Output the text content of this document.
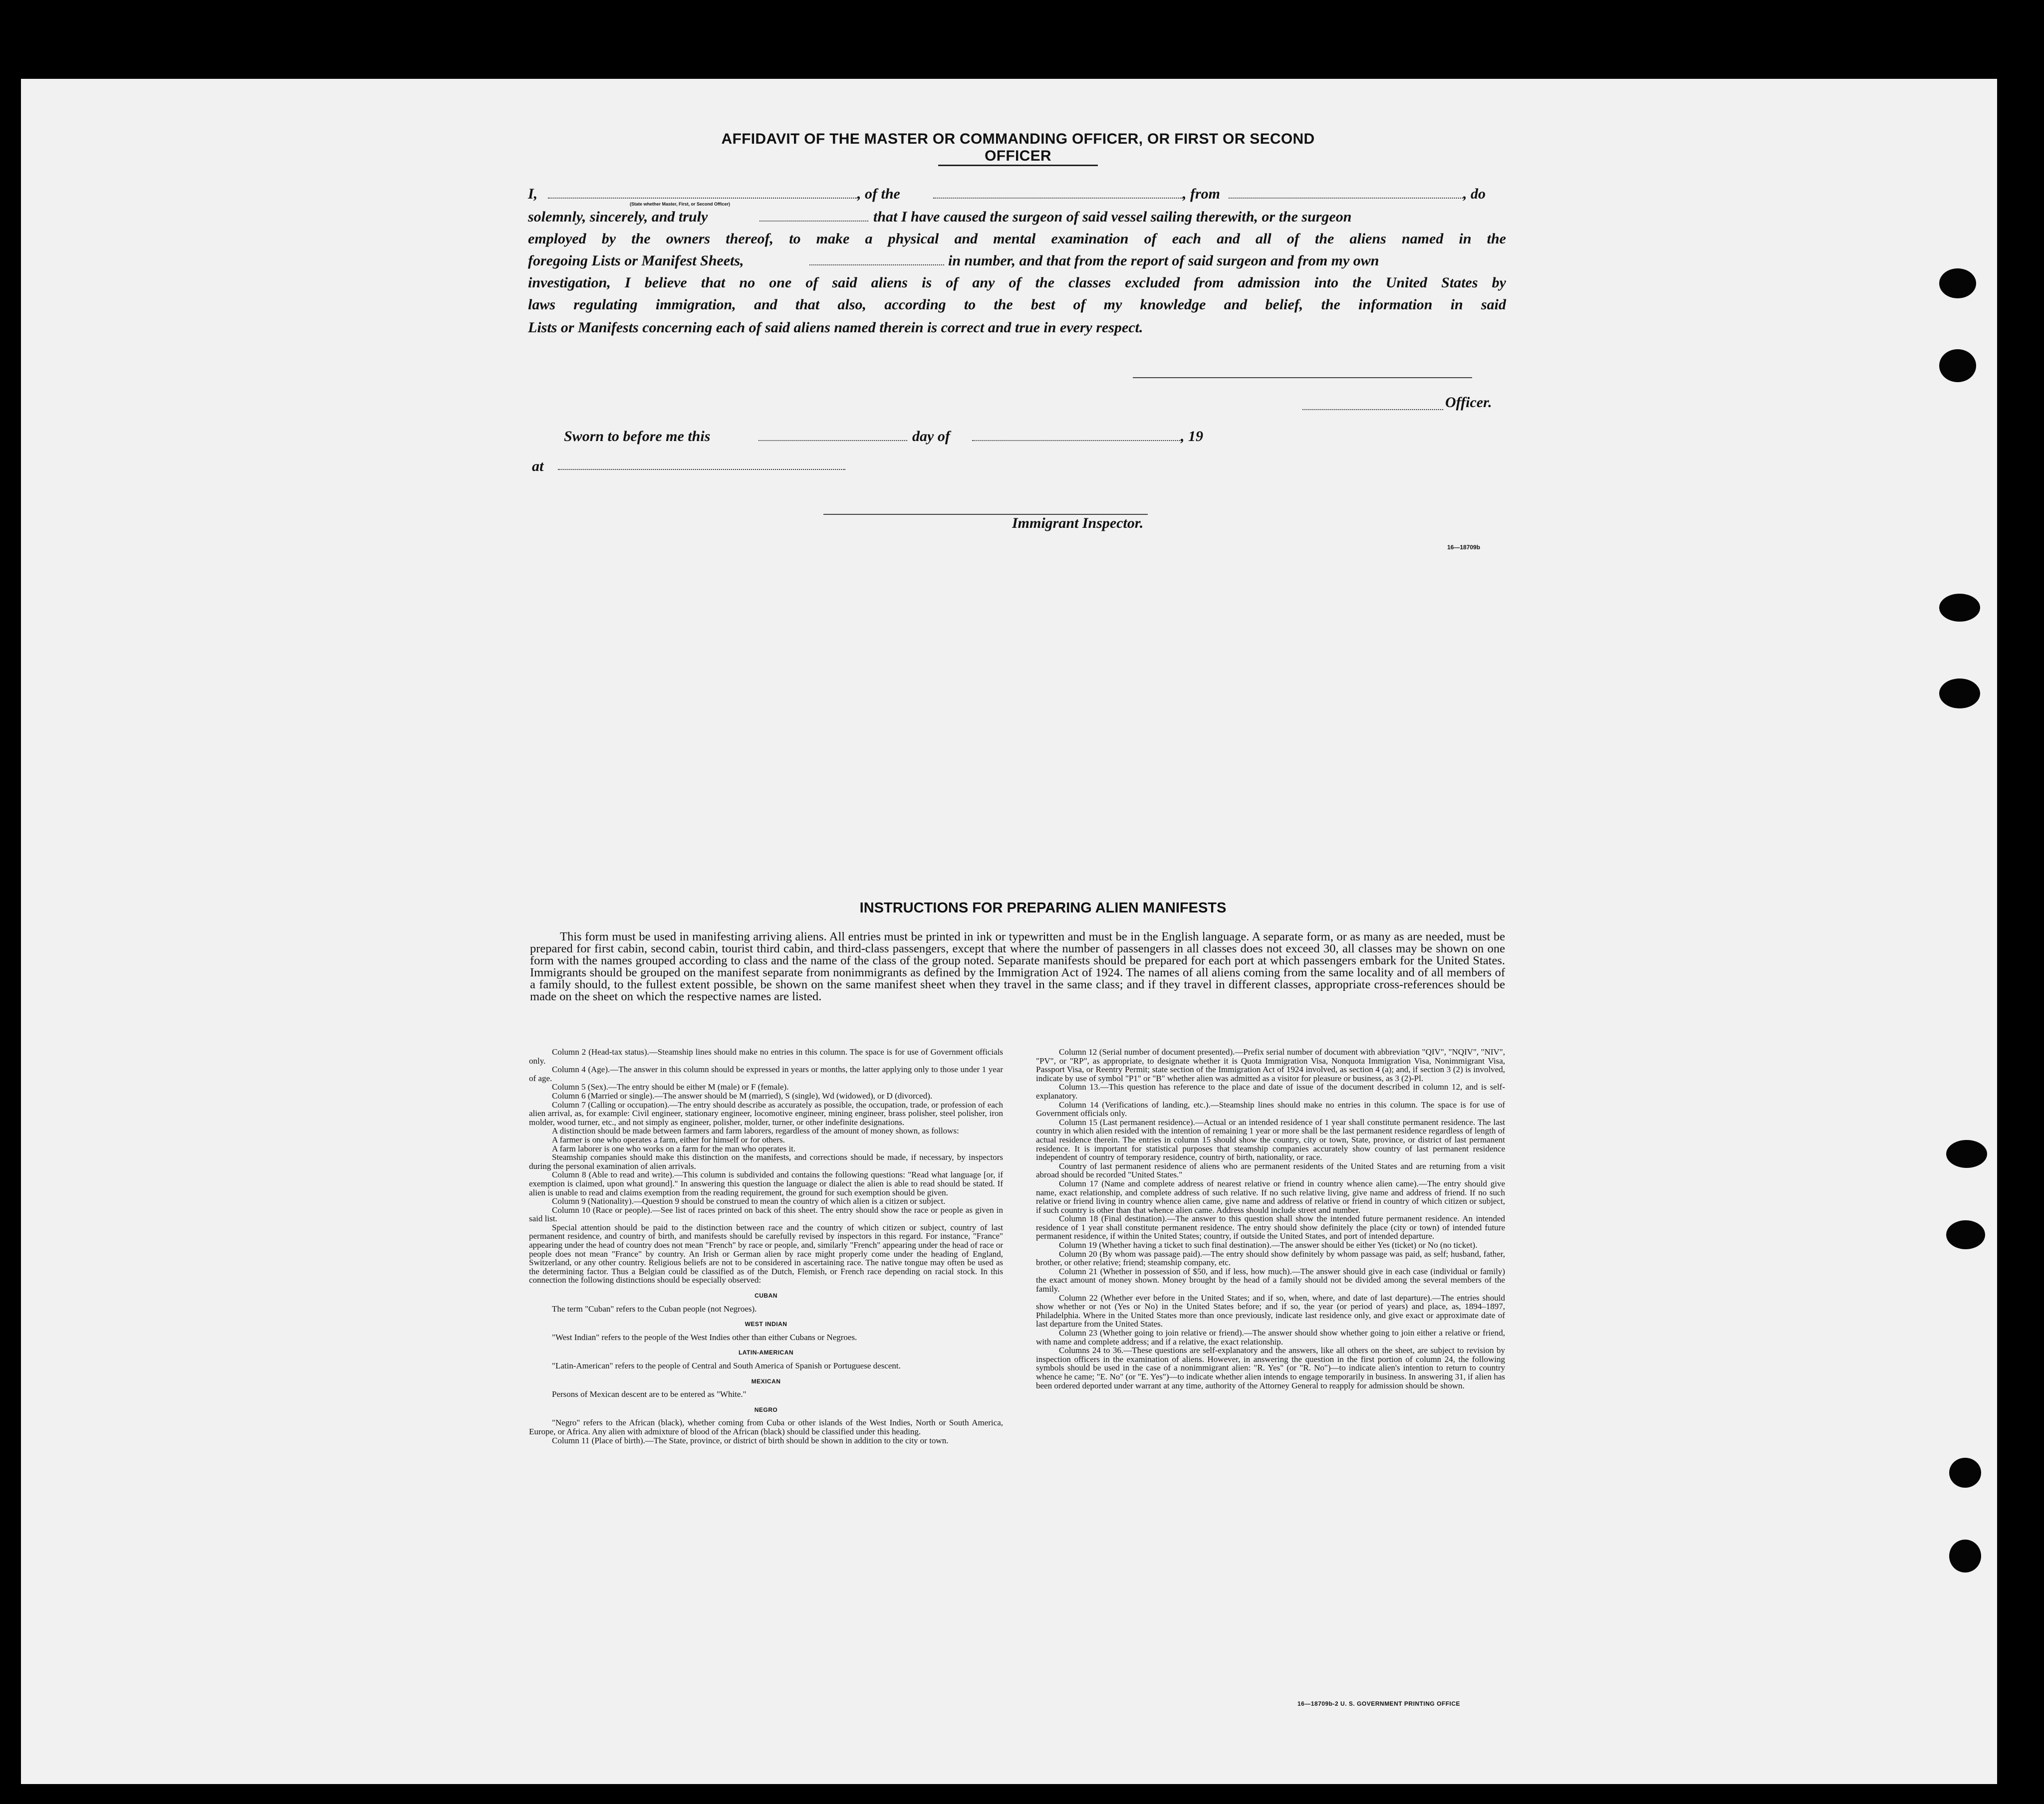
AFFIDAVIT OF THE MASTER OR COMMANDING OFFICER, OR FIRST OR SECOND OFFICER
I,
(State whether Master, First, or Second Officer)
, of the	, from	, do
solemnly, sincerely, and truly	that I have caused the surgeon of said vessel sailing therewith, or the surgeon
employed by the owners thereof, to make a physical and mental examination of each and all of the aliens named in the
foregoing Lists or Manifest Sheets,	in number, and that from the report of said surgeon and from my own
investigation, I believe that no one of said aliens is of any of the classes excluded from admission into the United States by
laws regulating immigration, and that also, according to the best of my knowledge and belief, the information in said
Lists or Manifests concerning each of said aliens named therein is correct and true in every respect.
Officer.
Sworn to before me this	day of	, 19
at
Immigrant Inspector.
16—18709b
INSTRUCTIONS FOR PREPARING ALIEN MANIFESTS
This form must be used in manifesting arriving aliens. All entries must be printed in ink or typewritten and must be in the English language. A separate form, or as many as are needed, must be prepared for first cabin, second cabin, tourist third cabin, and third-class passengers, except that where the number of passengers in all classes does not exceed 30, all classes may be shown on one form with the names grouped according to class and the name of the class of the group noted. Separate manifests should be prepared for each port at which passengers embark for the United States. Immigrants should be grouped on the manifest separate from nonimmigrants as defined by the Immigration Act of 1924. The names of all aliens coming from the same locality and of all members of a family should, to the fullest extent possible, be shown on the same manifest sheet when they travel in the same class; and if they travel in different classes, appropriate cross-references should be made on the sheet on which the respective names are listed.

Column 2 (Head-tax status).—Steamship lines should make no entries in this column. The space is for use of Government officials only.

Column 4 (Age).—The answer in this column should be expressed in years or months, the latter applying only to those under 1 year of age.

Column 5 (Sex).—The entry should be either M (male) or F (female).

Column 6 (Married or single).—The answer should be M (married), S (single), Wd (widowed), or D (divorced).

Column 7 (Calling or occupation).—The entry should describe as accurately as possible, the occupation, trade, or profession of each alien arrival, as, for example: Civil engineer, stationary engineer, locomotive engineer, mining engineer, brass polisher, steel polisher, iron molder, wood turner, etc., and not simply as engineer, polisher, molder, turner, or other indefinite designations.

A distinction should be made between farmers and farm laborers, regardless of the amount of money shown, as follows:

A farmer is one who operates a farm, either for himself or for others.

A farm laborer is one who works on a farm for the man who operates it.

Steamship companies should make this distinction on the manifests, and corrections should be made, if necessary, by inspectors during the personal examination of alien arrivals.

Column 8 (Able to read and write).—This column is subdivided and contains the following questions: "Read what language [or, if exemption is claimed, upon what ground]." In answering this question the language or dialect the alien is able to read should be stated. If alien is unable to read and claims exemption from the reading requirement, the ground for such exemption should be given.

Column 9 (Nationality).—Question 9 should be construed to mean the country of which alien is a citizen or subject.

Column 10 (Race or people).—See list of races printed on back of this sheet. The entry should show the race or people as given in said list.

Special attention should be paid to the distinction between race and the country of which citizen or subject, country of last permanent residence, and country of birth, and manifests should be carefully revised by inspectors in this regard. For instance, "France" appearing under the head of country does not mean "French" by race or people, and, similarly "French" appearing under the head of race or people does not mean "France" by country. An Irish or German alien by race might properly come under the heading of England, Switzerland, or any other country. Religious beliefs are not to be considered in ascertaining race. The native tongue may often be used as the determining factor. Thus a Belgian could be classified as of the Dutch, Flemish, or French race depending on racial stock. In this connection the following distinctions should be especially observed:

CUBAN

The term "Cuban" refers to the Cuban people (not Negroes).

WEST INDIAN

"West Indian" refers to the people of the West Indies other than either Cubans or Negroes.

LATIN-AMERICAN

"Latin-American" refers to the people of Central and South America of Spanish or Portuguese descent.

MEXICAN

Persons of Mexican descent are to be entered as "White."

NEGRO

"Negro" refers to the African (black), whether coming from Cuba or other islands of the West Indies, North or South America, Europe, or Africa. Any alien with admixture of blood of the African (black) should be classified under this heading.

Column 11 (Place of birth).—The State, province, or district of birth should be shown in addition to the city or town.

Column 12 (Serial number of document presented).—Prefix serial number of document with abbreviation "QIV", "NQIV", "NIV", "PV", or "RP", as appropriate, to designate whether it is Quota Immigration Visa, Nonquota Immigration Visa, Nonimmigrant Visa, Passport Visa, or Reentry Permit; state section of the Immigration Act of 1924 involved, as section 4 (a); and, if section 3 (2) is involved, indicate by use of symbol "P1" or "B" whether alien was admitted as a visitor for pleasure or business, as 3 (2)-Pl.

Column 13.—This question has reference to the place and date of issue of the document described in column 12, and is self-explanatory.

Column 14 (Verifications of landing, etc.).—Steamship lines should make no entries in this column. The space is for use of Government officials only.

Column 15 (Last permanent residence).—Actual or an intended residence of 1 year shall constitute permanent residence. The last country in which alien resided with the intention of remaining 1 year or more shall be the last permanent residence regardless of length of actual residence therein. The entries in column 15 should show the country, city or town, State, province, or district of last permanent residence. It is important for statistical purposes that steamship companies accurately show country of last permanent residence independent of country of temporary residence, country of birth, nationality, or race.

Country of last permanent residence of aliens who are permanent residents of the United States and are returning from a visit abroad should be recorded "United States."

Column 17 (Name and complete address of nearest relative or friend in country whence alien came).—The entry should give name, exact relationship, and complete address of such relative. If no such relative living, give name and address of friend. If no such relative or friend living in country whence alien came, give name and address of relative or friend in country of which citizen or subject, if such country is other than that whence alien came. Address should include street and number.

Column 18 (Final destination).—The answer to this question shall show the intended future permanent residence. An intended residence of 1 year shall constitute permanent residence. The entry should show definitely the place (city or town) of intended future permanent residence, if within the United States; country, if outside the United States, and port of intended departure.

Column 19 (Whether having a ticket to such final destination).—The answer should be either Yes (ticket) or No (no ticket).

Column 20 (By whom was passage paid).—The entry should show definitely by whom passage was paid, as self; husband, father, brother, or other relative; friend; steamship company, etc.

Column 21 (Whether in possession of $50, and if less, how much).—The answer should give in each case (individual or family) the exact amount of money shown. Money brought by the head of a family should not be divided among the several members of the family.

Column 22 (Whether ever before in the United States; and if so, when, where, and date of last departure).—The entries should show whether or not (Yes or No) in the United States before; and if so, the year (or period of years) and place, as, 1894–1897, Philadelphia. Where in the United States more than once previously, indicate last residence only, and give exact or approximate date of last departure from the United States.

Column 23 (Whether going to join relative or friend).—The answer should show whether going to join either a relative or friend, with name and complete address; and if a relative, the exact relationship.

Columns 24 to 36.—These questions are self-explanatory and the answers, like all others on the sheet, are subject to revision by inspection officers in the examination of aliens. However, in answering the question in the first portion of column 24, the following symbols should be used in the case of a nonimmigrant alien: "R. Yes" (or "R. No")—to indicate alien's intention to return to country whence he came; "E. No" (or "E. Yes")—to indicate whether alien intends to engage temporarily in business. In answering 31, if alien has been ordered deported under warrant at any time, authority of the Attorney General to reapply for admission should be shown.

16—18709b-2 U. S. GOVERNMENT PRINTING OFFICE
